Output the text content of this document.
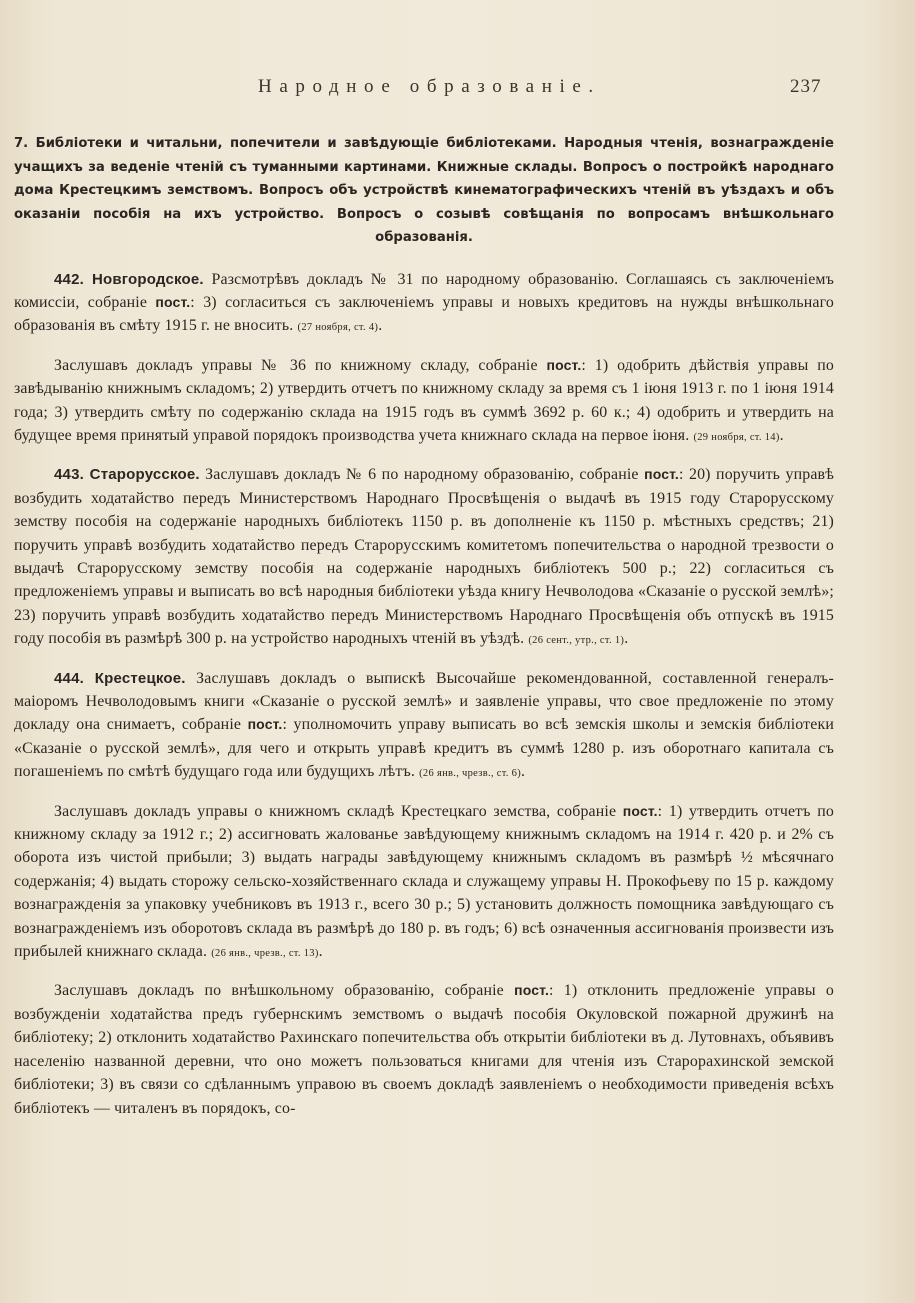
Народное образованіе.	237
7. Библіотеки и читальни, попечители и завѣдующіе библіотеками. Народныя чтенія, вознагражденіе учащихъ за веденіе чтеній съ туманными картинами. Книжные склады. Вопросъ о постройкѣ народнаго дома Крестецкимъ земствомъ. Вопросъ объ устройствѣ кинематографическихъ чтеній въ уѣздахъ и объ оказаніи пособія на ихъ устройство. Вопросъ о созывѣ совѣщанія по вопросамъ внѣшкольнаго образованія.

442. Новгородское. Разсмотрѣвъ докладъ № 31 по народному образованію. Соглашаясь съ заключеніемъ комиссіи, собраніе пост.: 3) согласиться съ заключеніемъ управы и новыхъ кредитовъ на нужды внѣшкольнаго образованія въ смѣту 1915 г. не вносить. (27 ноября, ст. 4).

Заслушавъ докладъ управы № 36 по книжному складу, собраніе пост.: 1) одобрить дѣйствія управы по завѣдыванію книжнымъ складомъ; 2) утвердить отчетъ по книжному складу за время съ 1 іюня 1913 г. по 1 іюня 1914 года; 3) утвердить смѣту по содержанію склада на 1915 годъ въ суммѣ 3692 р. 60 к.; 4) одобрить и утвердить на будущее время принятый управой порядокъ производства учета книжнаго склада на первое іюня. (29 ноября, ст. 14).

443. Старорусское. Заслушавъ докладъ № 6 по народному образованію, собраніе пост.: 20) поручить управѣ возбудить ходатайство передъ Министерствомъ Народнаго Просвѣщенія о выдачѣ въ 1915 году Старорусскому земству пособія на содержаніе народныхъ библіотекъ 1150 р. въ дополненіе къ 1150 р. мѣстныхъ средствъ; 21) поручить управѣ возбудить ходатайство передъ Старорусскимъ комитетомъ попечительства о народной трезвости о выдачѣ Старорусскому земству пособія на содержаніе народныхъ библіотекъ 500 р.; 22) согласиться съ предложеніемъ управы и выписать во всѣ народныя библіотеки уѣзда книгу Нечволодова «Сказаніе о русской землѣ»; 23) поручить управѣ возбудить ходатайство передъ Министерствомъ Народнаго Просвѣщенія объ отпускѣ въ 1915 году пособія въ размѣрѣ 300 р. на устройство народныхъ чтеній въ уѣздѣ. (26 сент., утр., ст. 1).

444. Крестецкое. Заслушавъ докладъ о выпискѣ Высочайше рекомендованной, составленной генералъ-маіоромъ Нечволодовымъ книги «Сказаніе о русской землѣ» и заявленіе управы, что свое предложеніе по этому докладу она снимаетъ, собраніе пост.: уполномочить управу выписать во всѣ земскія школы и земскія библіотеки «Сказаніе о русской землѣ», для чего и открыть управѣ кредитъ въ суммѣ 1280 р. изъ оборотнаго капитала съ погашеніемъ по смѣтѣ будущаго года или будущихъ лѣтъ. (26 янв., чрезв., ст. 6).

Заслушавъ докладъ управы о книжномъ складѣ Крестецкаго земства, собраніе пост.: 1) утвердить отчетъ по книжному складу за 1912 г.; 2) ассигновать жалованье завѣдующему книжнымъ складомъ на 1914 г. 420 р. и 2% съ оборота изъ чистой прибыли; 3) выдать награды завѣдующему книжнымъ складомъ въ размѣрѣ ½ мѣсячнаго содержанія; 4) выдать сторожу сельско-хозяйственнаго склада и служащему управы Н. Прокофьеву по 15 р. каждому вознагражденія за упаковку учебниковъ въ 1913 г., всего 30 р.; 5) установить должность помощника завѣдующаго съ вознагражденіемъ изъ оборотовъ склада въ размѣрѣ до 180 р. въ годъ; 6) всѣ означенныя ассигнованія произвести изъ прибылей книжнаго склада. (26 янв., чрезв., ст. 13).

Заслушавъ докладъ по внѣшкольному образованію, собраніе пост.: 1) отклонить предложеніе управы о возбужденіи ходатайства предъ губернскимъ земствомъ о выдачѣ пособія Окуловской пожарной дружинѣ на библіотеку; 2) отклонить ходатайство Рахинскаго попечительства объ открытіи библіотеки въ д. Лутовнахъ, объявивъ населенію названной деревни, что оно можетъ пользоваться книгами для чтенія изъ Старорахинской земской библіотеки; 3) въ связи со сдѣланнымъ управою въ своемъ докладѣ заявленіемъ о необходимости приведенія всѣхъ библіотекъ — читаленъ въ порядокъ, со-
